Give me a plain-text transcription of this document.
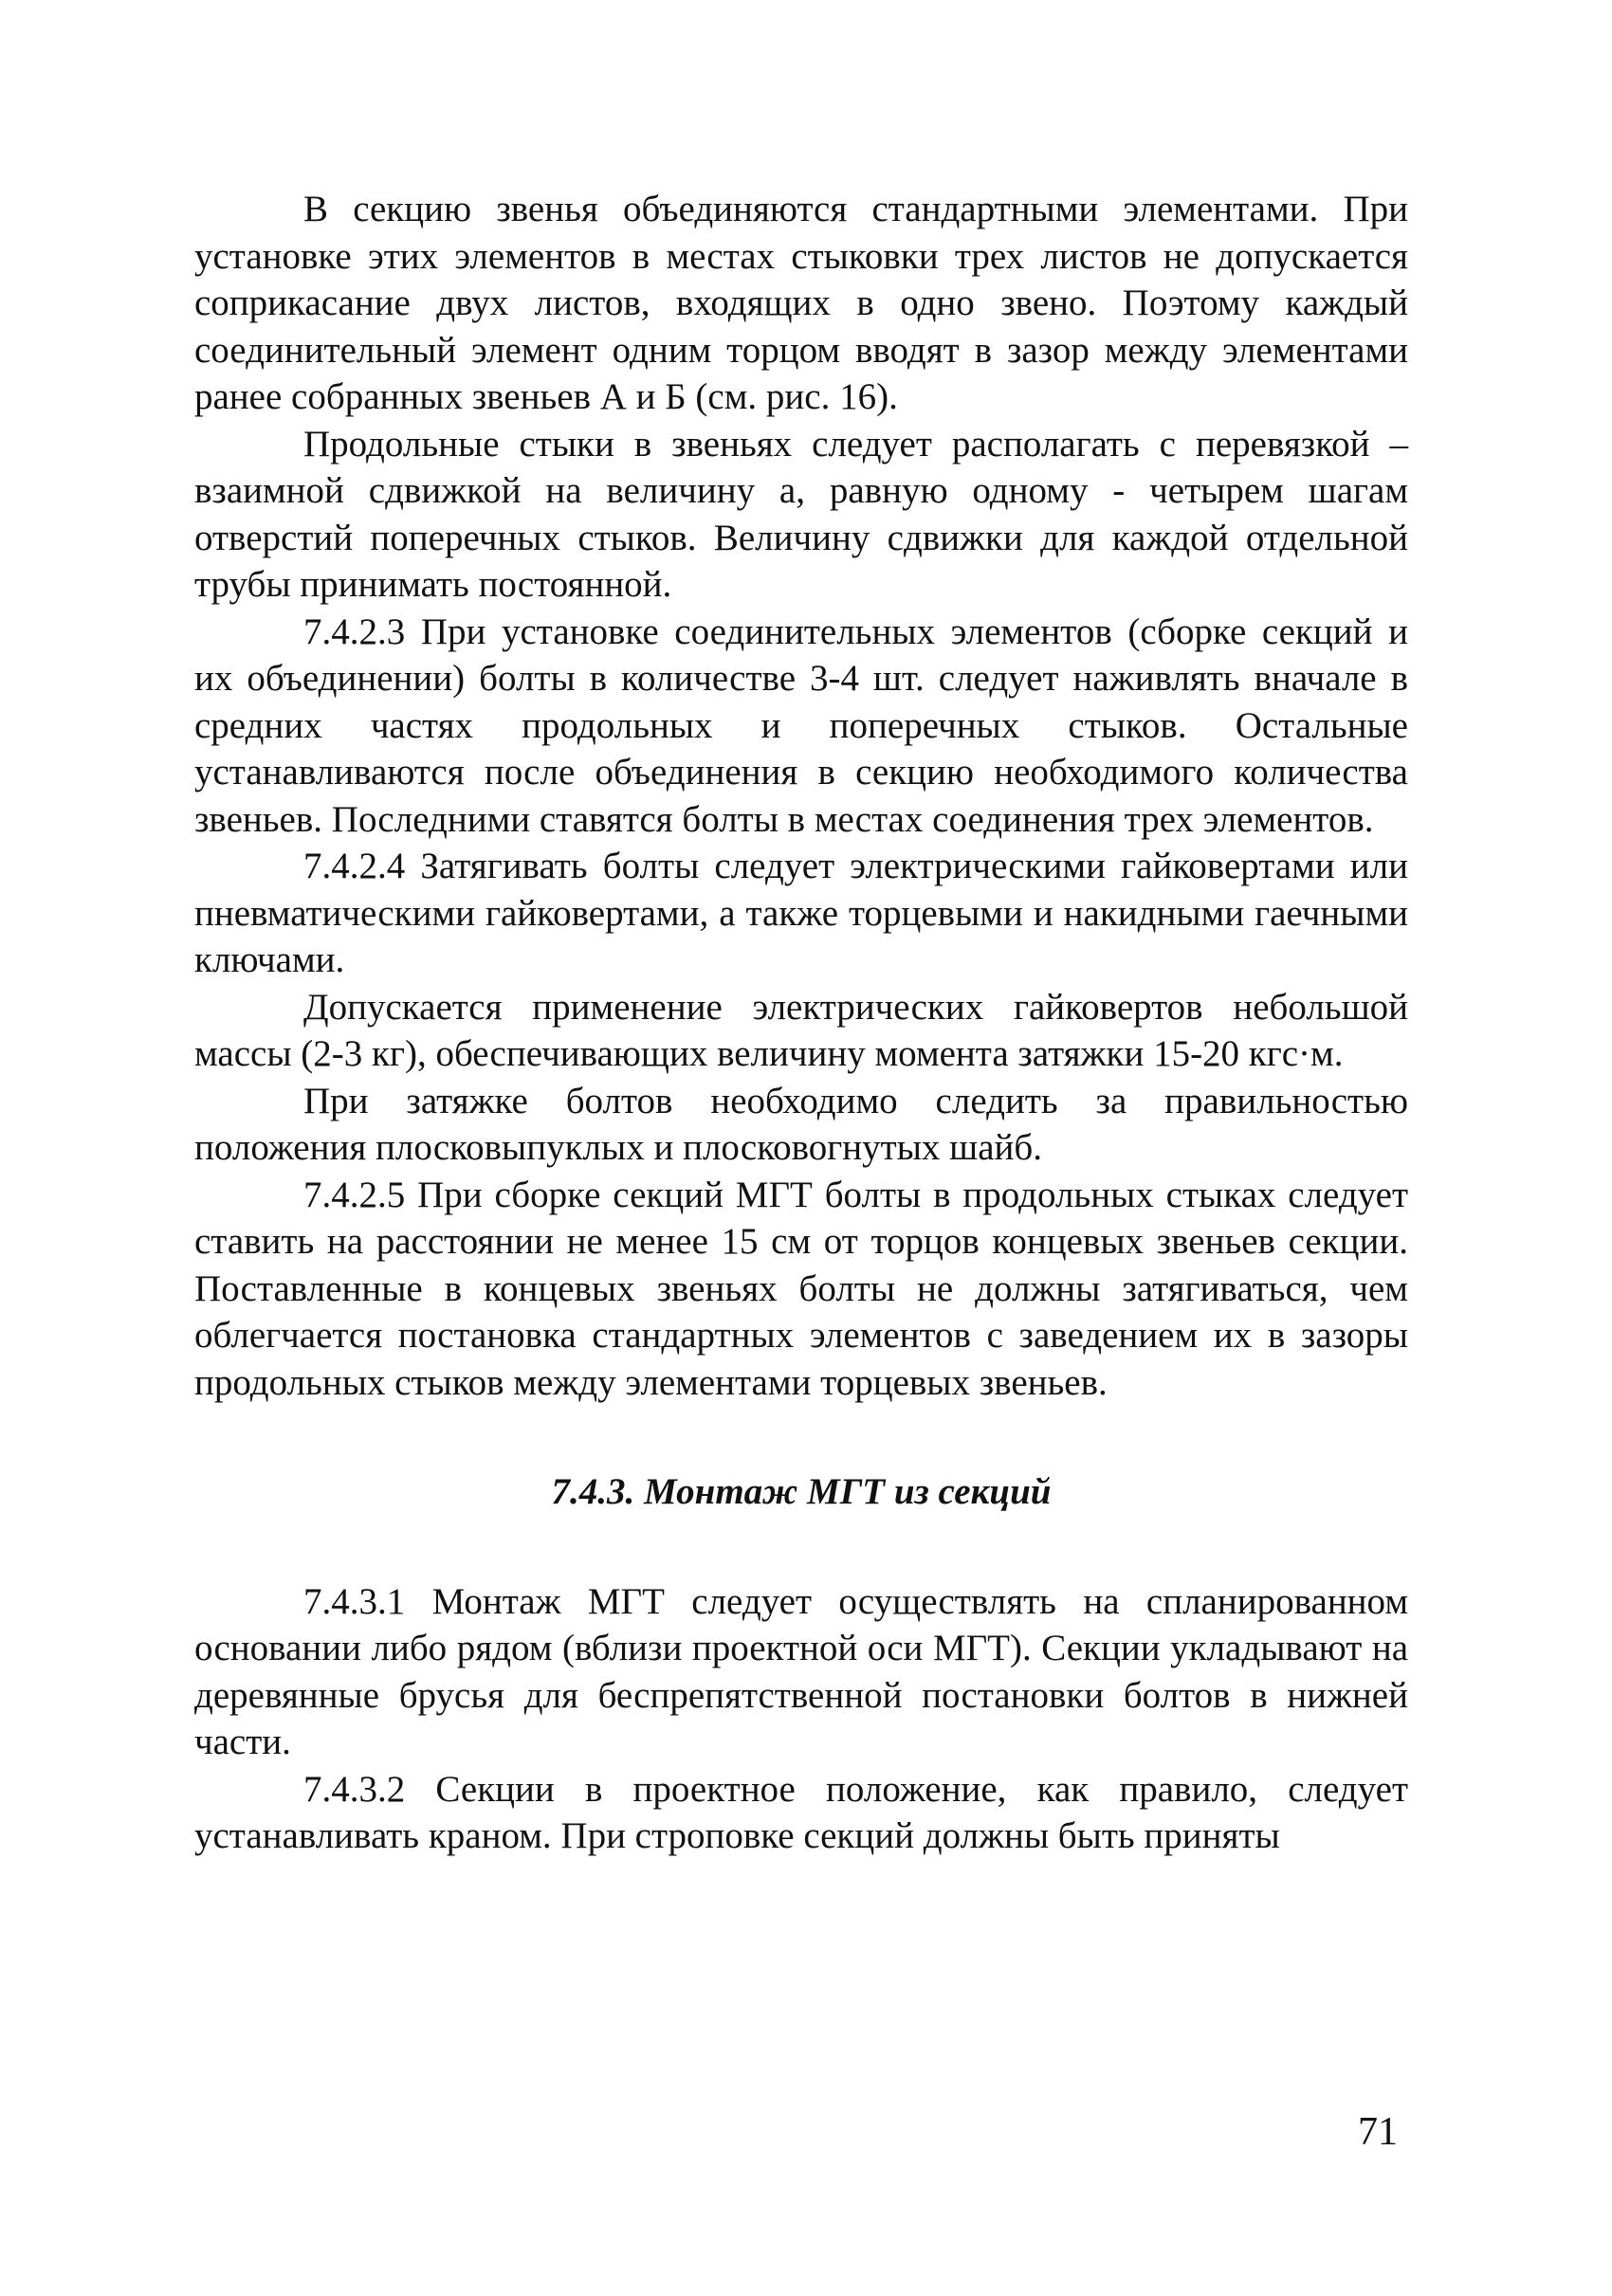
В секцию звенья объединяются стандартными элементами. При установке этих элементов в местах стыковки трех листов не допускается соприкасание двух листов, входящих в одно звено. Поэтому каждый соединительный элемент одним торцом вводят в зазор между элементами ранее собранных звеньев А и Б (см. рис. 16).

Продольные стыки в звеньях следует располагать с перевязкой – взаимной сдвижкой на величину а, равную одному - четырем шагам отверстий поперечных стыков. Величину сдвижки для каждой отдельной трубы принимать постоянной.

7.4.2.3 При установке соединительных элементов (сборке секций и их объединении) болты в количестве 3-4 шт. следует наживлять вначале в средних частях продольных и поперечных стыков. Остальные устанавливаются после объединения в секцию необходимого количества звеньев. Последними ставятся болты в местах соединения трех элементов.

7.4.2.4 Затягивать болты следует электрическими гайковертами или пневматическими гайковертами, а также торцевыми и накидными гаечными ключами.

Допускается применение электрических гайковертов небольшой массы (2-3 кг), обеспечивающих величину момента затяжки 15-20 кгс·м.

При затяжке болтов необходимо следить за правильностью положения плосковыпуклых и плосковогнутых шайб.

7.4.2.5 При сборке секций МГТ болты в продольных стыках следует ставить на расстоянии не менее 15 см от торцов концевых звеньев секции. Поставленные в концевых звеньях болты не должны затягиваться, чем облегчается постановка стандартных элементов с заведением их в зазоры продольных стыков между элементами торцевых звеньев.

7.4.3. Монтаж МГТ из секций

7.4.3.1 Монтаж МГТ следует осуществлять на спланированном основании либо рядом (вблизи проектной оси МГТ). Секции укладывают на деревянные брусья для беспрепятственной постановки болтов в нижней части.

7.4.3.2 Секции в проектное положение, как правило, следует устанавливать краном. При строповке секций должны быть приняты

71
